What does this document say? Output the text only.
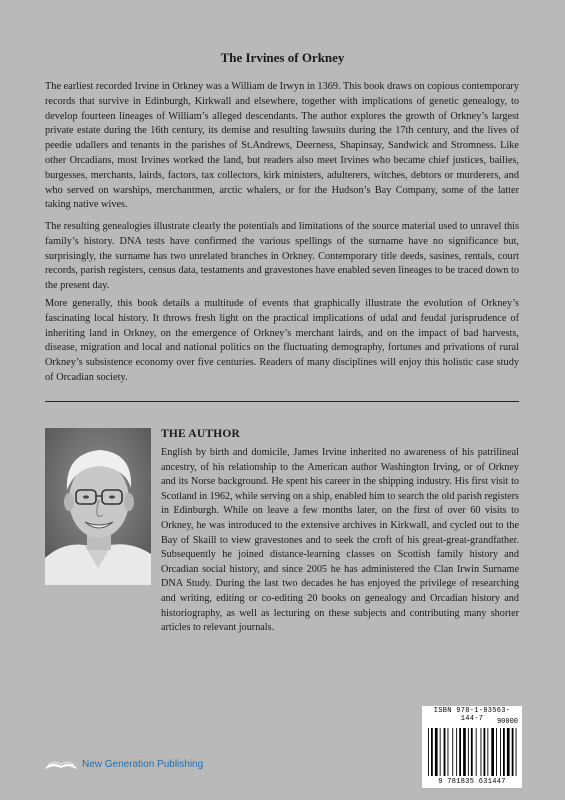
The Irvines of Orkney

The earliest recorded Irvine in Orkney was a William de Irwyn in 1369. This book draws on copious contemporary records that survive in Edinburgh, Kirkwall and elsewhere, together with implications of genetic genealogy, to develop fourteen lineages of William’s alleged descendants. The author explores the growth of Orkney’s largest private estate during the 16th century, its demise and resulting lawsuits during the 17th century, and the lives of peedie udallers and tenants in the parishes of St.Andrews, Deerness, Shapinsay, Sandwick and Stromness. Like other Orcadians, most Irvines worked the land, but readers also meet Irvines who became chief justices, bailies, burgesses, merchants, lairds, factors, tax collectors, kirk ministers, adulterers, witches, debtors or murderers, and who served on warships, merchantmen, arctic whalers, or for the Hudson’s Bay Company, some of the latter taking native wives.

The resulting genealogies illustrate clearly the potentials and limitations of the source material used to unravel this family’s history. DNA tests have confirmed the various spellings of the surname have no significance but, surprisingly, the surname has two unrelated branches in Orkney. Contemporary title deeds, sasines, rentals, court records, parish registers, census data, testaments and gravestones have enabled seven lineages to be traced down to the present day.

More generally, this book details a multitude of events that graphically illustrate the evolution of Orkney’s fascinating local history. It throws fresh light on the practical implications of udal and feudal jurisprudence of inheriting land in Orkney, on the emergence of Orkney’s merchant lairds, and on the impact of bad harvests, disease, migration and local and national politics on the fluctuating demography, fortunes and privations of rural Orkney’s subsistence economy over five centuries. Readers of many disciplines will enjoy this holistic case study of Orcadian society.

THE AUTHOR

English by birth and domicile, James Irvine inherited no awareness of his patrilineal ancestry, of his relationship to the American author Washington Irving, or of Orkney and its Norse background. He spent his career in the shipping industry. His first visit to Scotland in 1962, while serving on a ship, enabled him to search the old parish registers in Edinburgh. While on leave a few months later, on the first of over 60 visits to Orkney, he was introduced to the extensive archives in Kirkwall, and cycled out to the Bay of Skaill to view gravestones and to seek the croft of his great-great-grandfather. Subsequently he joined distance-learning classes on Scottish family history and Orcadian social history, and since 2005 he has administered the Clan Irwin Surname DNA Study. During the last two decades he has enjoyed the privilege of researching and writing, editing or co-editing 20 books on genealogy and Orcadian history and historiography, as well as lecturing on these subjects and contributing many shorter articles to relevant journals.

New Generation Publishing
ISBN 978-1-83563-144-7	90000
9 781835 631447
